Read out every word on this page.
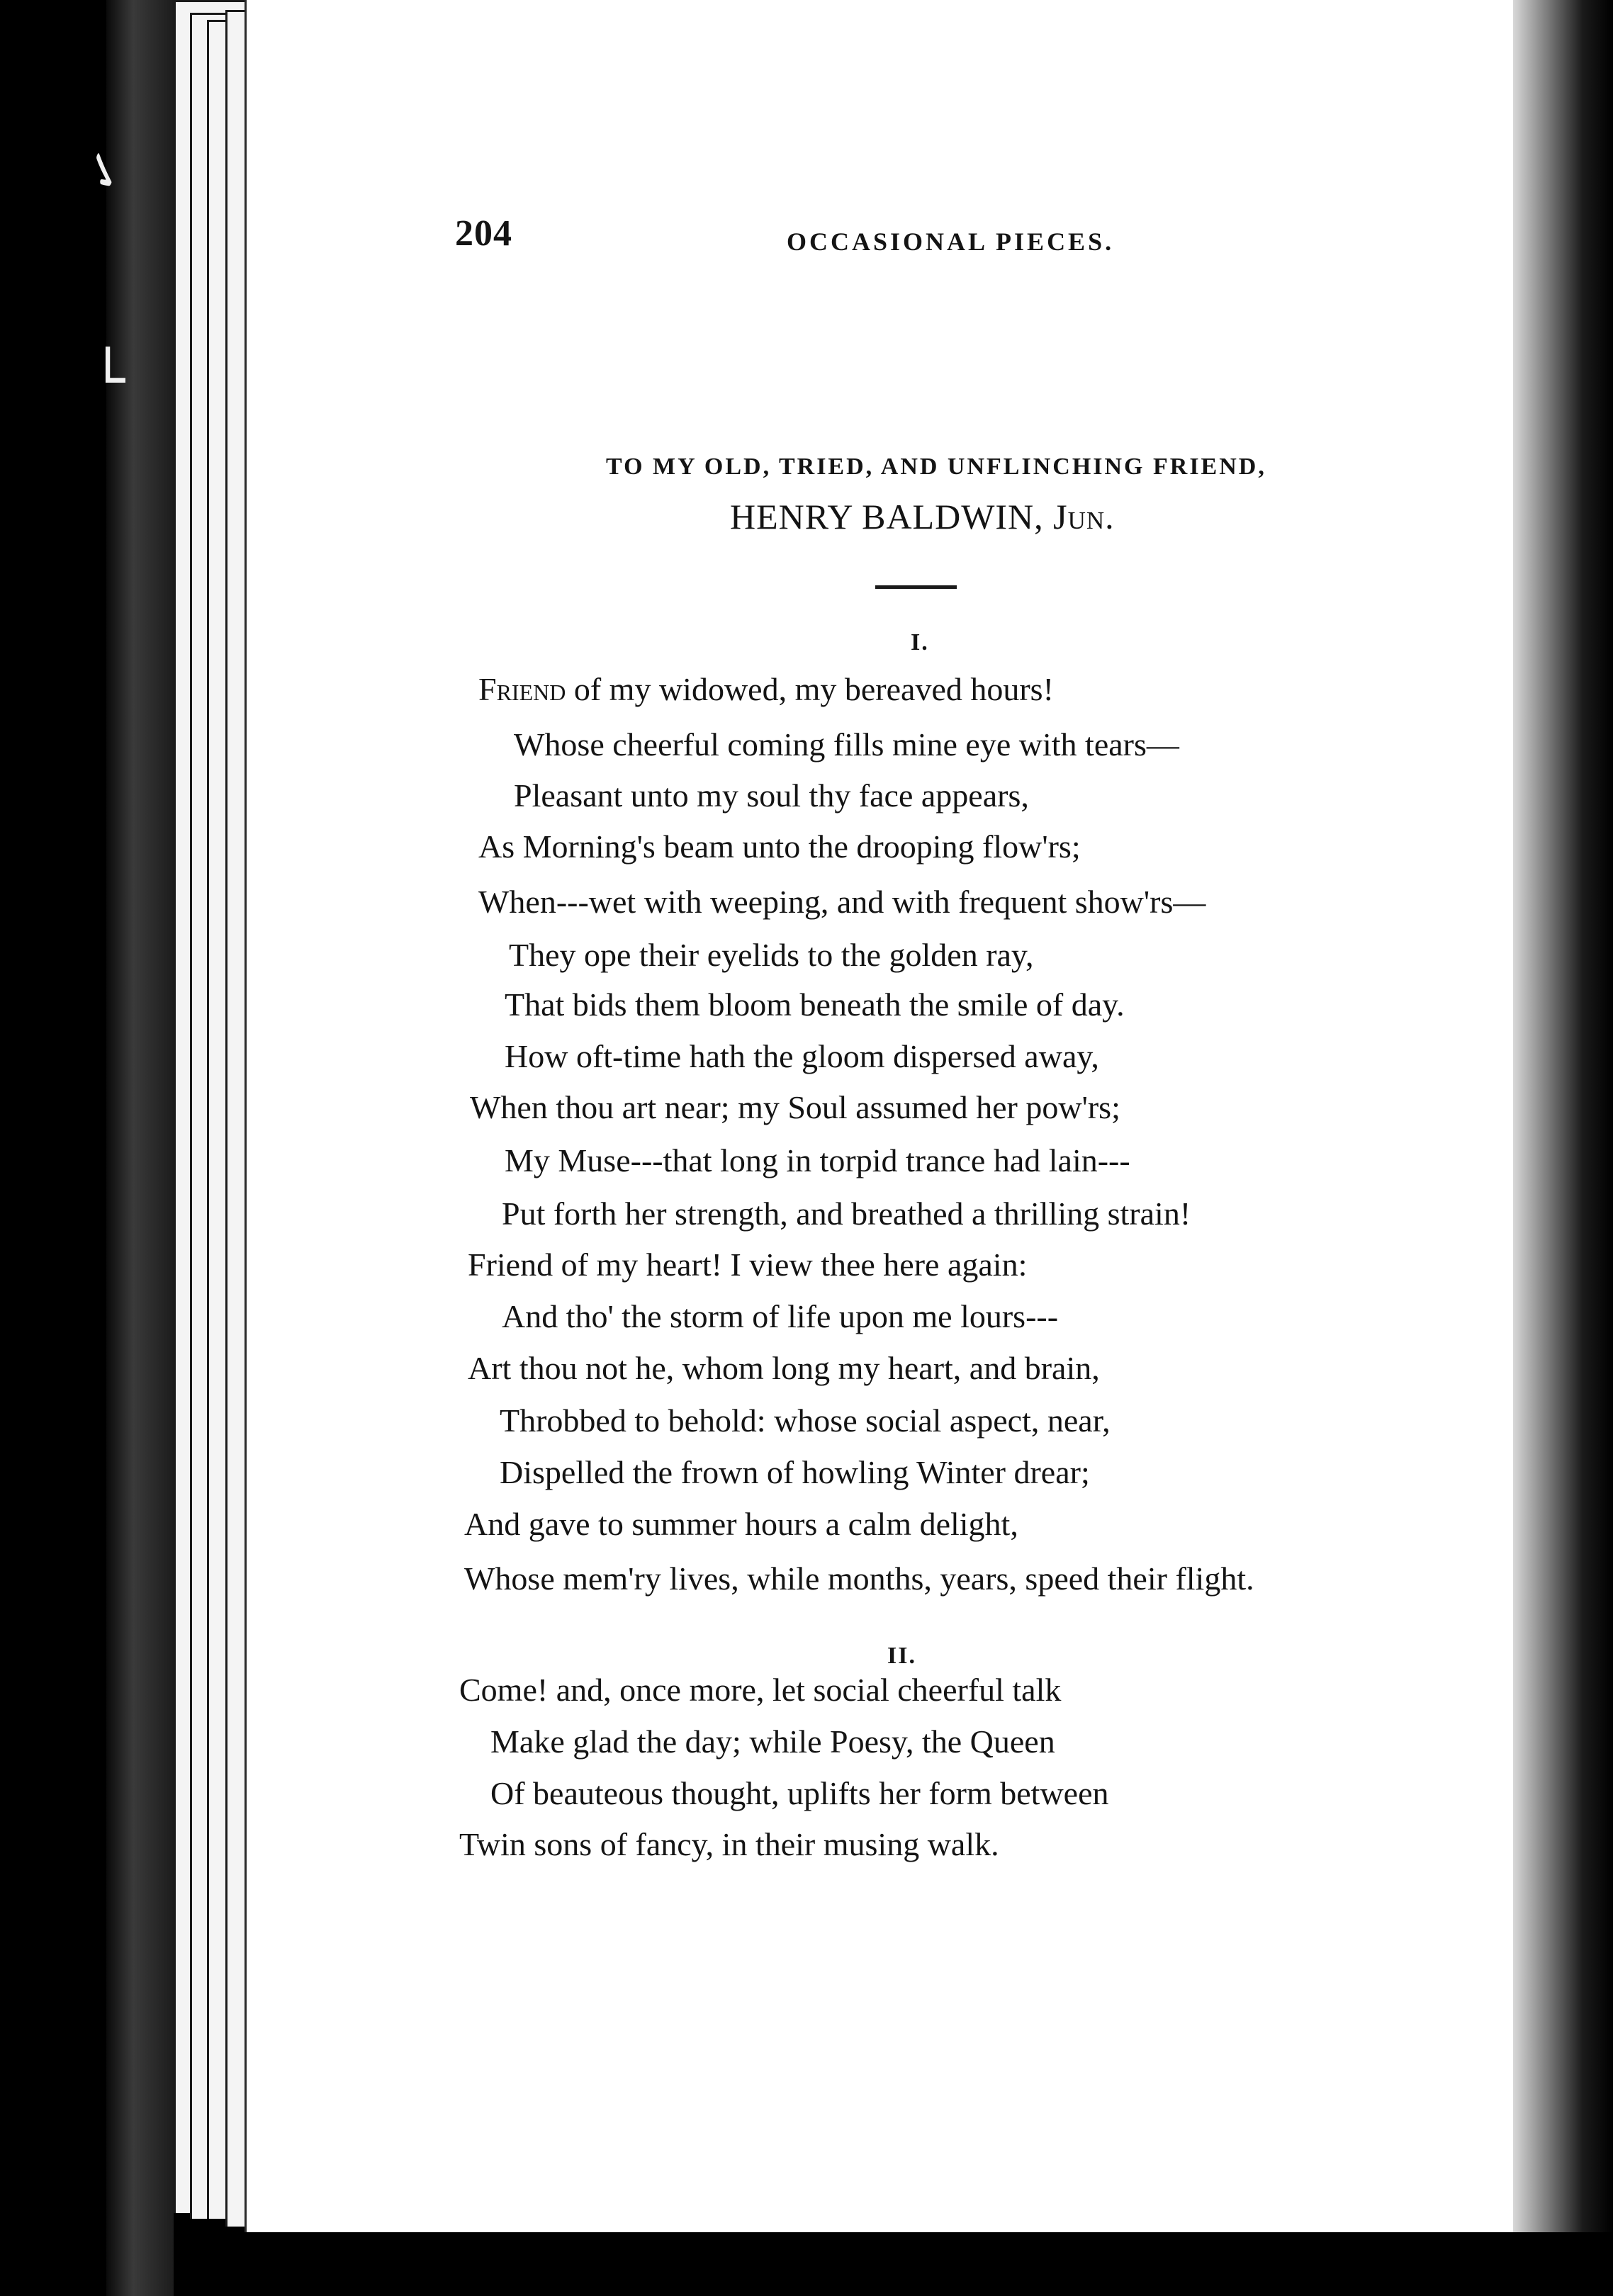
✓
└
204	OCCASIONAL PIECES.
TO MY OLD, TRIED, AND UNFLINCHING FRIEND,
HENRY BALDWIN, Jun.
I.
Friend of my widowed, my bereaved hours!
Whose cheerful coming fills mine eye with tears—
Pleasant unto my soul thy face appears,
As Morning's beam unto the drooping flow'rs;
When---wet with weeping, and with frequent show'rs—
They ope their eyelids to the golden ray,
That bids them bloom beneath the smile of day.
How oft-time hath the gloom dispersed away,
When thou art near; my Soul assumed her pow'rs;
My Muse---that long in torpid trance had lain---
Put forth her strength, and breathed a thrilling strain!
Friend of my heart! I view thee here again:
And tho' the storm of life upon me lours---
Art thou not he, whom long my heart, and brain,
Throbbed to behold: whose social aspect, near,
Dispelled the frown of howling Winter drear;
And gave to summer hours a calm delight,
Whose mem'ry lives, while months, years, speed their flight.
II.
Come! and, once more, let social cheerful talk
Make glad the day; while Poesy, the Queen
Of beauteous thought, uplifts her form between
Twin sons of fancy, in their musing walk.
